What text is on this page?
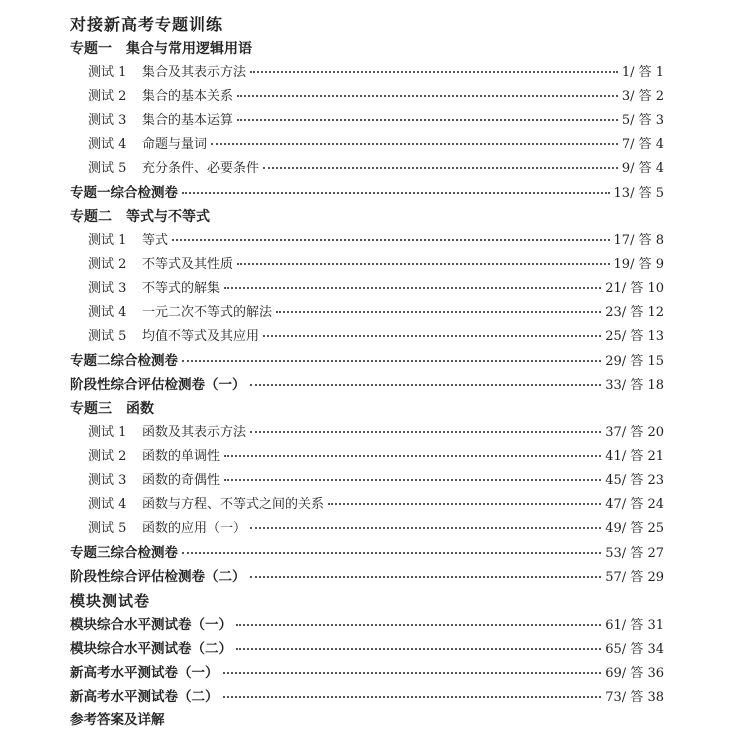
对接新高考专题训练
专题一　集合与常用逻辑用语
测试 1	集合及其表示方法	1/ 答 1
测试 2	集合的基本关系	3/ 答 2
测试 3	集合的基本运算	5/ 答 3
测试 4	命题与量词	7/ 答 4
测试 5	充分条件、必要条件	9/ 答 4
专题一综合检测卷	13/ 答 5
专题二　等式与不等式
测试 1	等式	17/ 答 8
测试 2	不等式及其性质	19/ 答 9
测试 3	不等式的解集	21/ 答 10
测试 4	一元二次不等式的解法	23/ 答 12
测试 5	均值不等式及其应用	25/ 答 13
专题二综合检测卷	29/ 答 15
阶段性综合评估检测卷（一）	33/ 答 18
专题三　函数
测试 1	函数及其表示方法	37/ 答 20
测试 2	函数的单调性	41/ 答 21
测试 3	函数的奇偶性	45/ 答 23
测试 4	函数与方程、不等式之间的关系	47/ 答 24
测试 5	函数的应用（一）	49/ 答 25
专题三综合检测卷	53/ 答 27
阶段性综合评估检测卷（二）	57/ 答 29
模块测试卷
模块综合水平测试卷（一）	61/ 答 31
模块综合水平测试卷（二）	65/ 答 34
新高考水平测试卷（一）	69/ 答 36
新高考水平测试卷（二）	73/ 答 38
参考答案及详解
